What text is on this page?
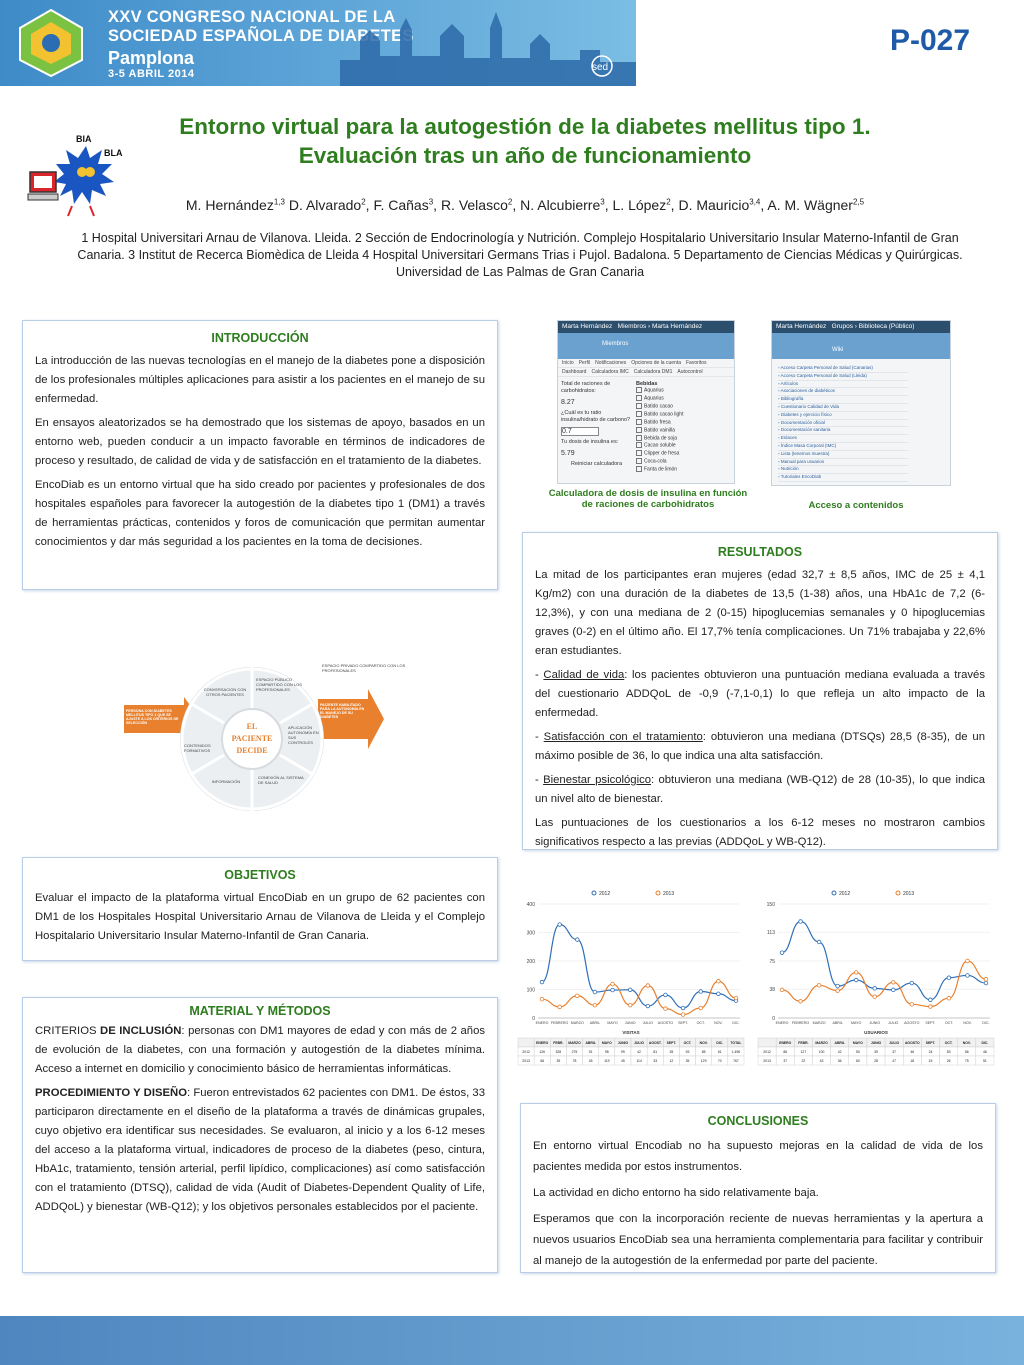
XXV CONGRESO NACIONAL DE LA
SOCIEDAD ESPAÑOLA DE DIABETES
Pamplona
3-5 ABRIL 2014
sed
P-027
BIA
BLA
Entorno virtual para la autogestión de la diabetes mellitus tipo 1.
Evaluación tras un año de funcionamiento
M. Hernández$^{1,3}$ D. Alvarado$^2$, F. Cañas$^3$, R. Velasco$^2$, N. Alcubierre$^3$, L. López$^2$, D. Mauricio$^{3,4}$, A. M. Wägner$^{2,5}$
1 Hospital Universitari Arnau de Vilanova. Lleida. 2 Sección de Endocrinología y Nutrición. Complejo Hospitalario Universitario Insular Materno-Infantil de Gran Canaria. 3 Institut de Recerca Biomèdica de Lleida 4 Hospital Universitari Germans Trias i Pujol. Badalona. 5 Departamento de Ciencias Médicas y Quirúrgicas. Universidad de Las Palmas de Gran Canaria
INTRODUCCIÓN

La introducción de las nuevas tecnologías en el manejo de la diabetes pone a disposición de los profesionales múltiples aplicaciones para asistir a los pacientes en el manejo de su enfermedad.

En ensayos aleatorizados se ha demostrado que los sistemas de apoyo, basados en un entorno web, pueden conducir a un impacto favorable en términos de indicadores de proceso y resultado, de calidad de vida y de satisfacción en el tratamiento de la diabetes.

EncoDiab es un entorno virtual que ha sido creado por pacientes y profesionales de dos hospitales españoles para favorecer la autogestión de la diabetes tipo 1 (DM1) a través de herramientas prácticas, contenidos y foros de comunicación que permitan aumentar conocimientos y dar más seguridad a los pacientes en la toma de decisiones.

EL
PACIENTE
DECIDE
ESPACIO PRIVADO COMPARTIDO CON LOS PROFESIONALES
CONVERSACIÓN CON OTROS PACIENTES
ESPACIO PÚBLICO COMPARTIDO CON LOS PROFESIONALES
APLICACIÓN AUTONOMÍA EN SUS CONTROLES
CONEXIÓN AL SISTEMA DE SALUD
INFORMACIÓN
CONTENIDOS FORMATIVOS
PERSONA CON DIABETES MELLITUS TIPO 1 QUE SE AJUSTE A LOS CRITERIOS DE SELECCIÓN
PACIENTE HABILITADO PARA LA AUTONOMÍA EN EL MANEJO DE SU DIABETES
Marta Hernández Miembros › Marta Hernández
Miembros
Inicio Perfil Notificaciones Opciones de la cuenta Favoritos
Dashboard Calculadora IMC Calculadora DM1 Autocontrol
Total de raciones de carbohidratos:
8.27
¿Cuál es tu ratio insulina/hidrato de carbono?
0.7
Tu dosis de insulina es:
5.79
Reiniciar calculadora
Bebidas
Aquarius
Aquarius
Batido cacao
Batido cacao light
Batido fresa
Batido vainilla
Bebida de soja
Cacao soluble
Clipper de fresa
Coca-cola
Fanta de limón
Calculadora de dosis de insulina en función de raciones de carbohidratos
Marta Hernández Grupos › Biblioteca (Público)
Wiki
▫ Acceso Carpeta Personal de Salud (Canarias)
▫ Acceso Carpeta Personal de Salud (Lleida)
▫ Artículos
▫ Asociaciones de diabéticos
▫ Bibliografía
▫ Cuestionario Calidad de Vida
▫ Diabetes y ejercicio físico
▫ Documentación oficial
▫ Documentación sanitaria
▫ Enlaces
▫ Índice Masa Corporal (IMC)
▫ Lista (tenemos muestra)
▫ Manual para usuarios
▫ Nutrición
▫ Tutoriales EncoDiab
Acceso a contenidos
RESULTADOS

La mitad de los participantes eran mujeres (edad 32,7 ± 8,5 años, IMC de 25 ± 4,1 Kg/m2) con una duración de la diabetes de 13,5 (1-38) años, una HbA1c de 7,2 (6-12,3%), y con una mediana de 2 (0-15) hipoglucemias semanales y 0 hipoglucemias graves (0-2) en el último año. El 17,7% tenía complicaciones. Un 71% trabajaba y 22,6% eran estudiantes.

- Calidad de vida: los pacientes obtuvieron una puntuación mediana evaluada a través del cuestionario ADDQoL de -0,9 (-7,1-0,1) lo que refleja un alto impacto de la enfermedad.

- Satisfacción con el tratamiento: obtuvieron una mediana (DTSQs) 28,5 (8-35), de un máximo posible de 36, lo que indica una alta satisfacción.

- Bienestar psicológico: obtuvieron una mediana (WB-Q12) de 28 (10-35), lo que indica un nivel alto de bienestar.

Las puntuaciones de los cuestionarios a los 6-12 meses no mostraron cambios significativos respecto a las previas (ADDQoL y WB-Q12).

2012	2013
0
100
200
300
400
ENERO FEBRERO MARZO ABRIL MAYO JUNIO JULIO AGOSTO SEPT. OCT.	NOV.	DIC.
VISITAS
ENERO FEBR. MARZO ABRIL MAYO JUNIO JULIO AGOST. SEPT. OCT. NOV.	DIC. TOTAL
2012	126	328	275	91	98	99	42	81	35	93	85	61	1.496
2013	66	39	78	45	119	45	114	33	12	35	129	70	767
2012	2013
0
38
75
113
150
ENERO FEBRERO MARZO ABRIL MAYO JUNIO JULIO AGOSTO SEPT.	OCT.	NOV.	DIC.
USUARIOS
ENERO FEBR. MARZO ABRIL MAYO JUNIO JULIO AGOSTO SEPT.	OCT.	NOV.	DIC.
2012	86	127	100	42	50	39	37	46	24	53	56	46
2013	37	22	43	36	60	28	47	18	15	26	75	51
OBJETIVOS

Evaluar el impacto de la plataforma virtual EncoDiab en un grupo de 62 pacientes con DM1 de los Hospitales Hospital Universitario Arnau de Vilanova de Lleida y el Complejo Hospitalario Universitario Insular Materno-Infantil de Gran Canaria.

MATERIAL Y MÉTODOS

CRITERIOS DE INCLUSIÓN: personas con DM1 mayores de edad y con más de 2 años de evolución de la diabetes, con una formación y autogestión de la diabetes mínima. Acceso a internet en domicilio y conocimiento básico de herramientas informáticas.

PROCEDIMIENTO Y DISEÑO: Fueron entrevistados 62 pacientes con DM1. De éstos, 33 participaron directamente en el diseño de la plataforma a través de dinámicas grupales, cuyo objetivo era identificar sus necesidades. Se evaluaron, al inicio y a los 6-12 meses del acceso a la plataforma virtual, indicadores de proceso de la diabetes (peso, cintura, HbA1c, tratamiento, tensión arterial, perfil lipídico, complicaciones) así como satisfacción con el tratamiento (DTSQ), calidad de vida (Audit of Diabetes-Dependent Quality of Life, ADDQoL) y bienestar (WB-Q12); y los objetivos personales establecidos por el paciente.

CONCLUSIONES

En entorno virtual Encodiab no ha supuesto mejoras en la calidad de vida de los pacientes medida por estos instrumentos.

La actividad en dicho entorno ha sido relativamente baja.

Esperamos que con la incorporación reciente de nuevas herramientas y la apertura a nuevos usuarios EncoDiab sea una herramienta complementaria para facilitar y contribuir al manejo de la autogestión de la enfermedad por parte del paciente.
